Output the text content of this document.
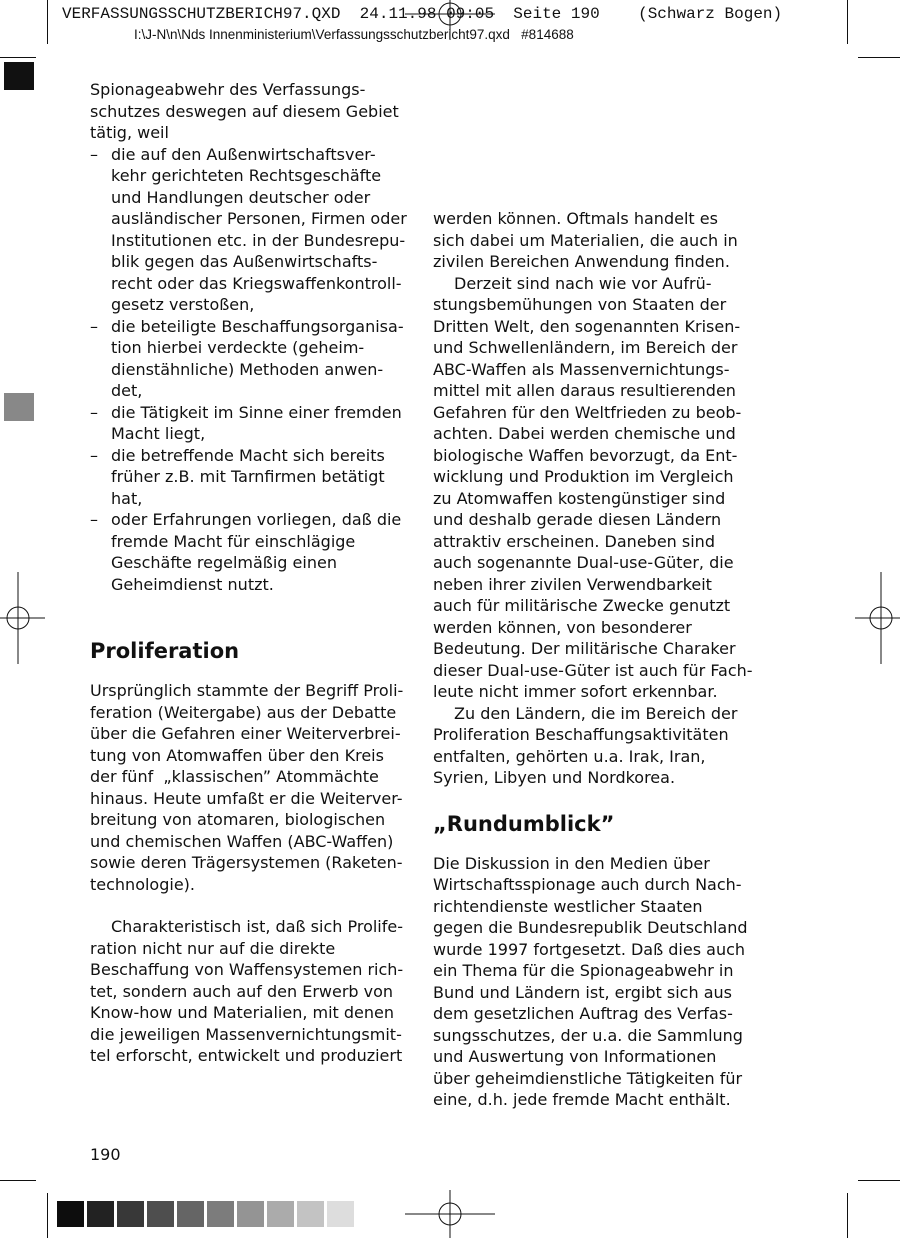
VERFASSUNGSSCHUTZBERICH97.QXD  24.11.98 09:05  Seite 190    (Schwarz Bogen)
I:\J-N\n\Nds Innenministerium\Verfassungsschutzbericht97.qxd   #814688

Spionageabwehr des Verfassungs-
schutzes deswegen auf diesem Gebiet
tätig, weil

– die auf den Außenwirtschaftsver-
kehr gerichteten Rechtsgeschäfte
und Handlungen deutscher oder
ausländischer Personen, Firmen oder
Institutionen etc. in der Bundesrepu-
blik gegen das Außenwirtschafts-
recht oder das Kriegswaffenkontroll-
gesetz verstoßen,
– die beteiligte Beschaffungsorganisa-
tion hierbei verdeckte (geheim-
dienstähnliche) Methoden anwen-
det,
– die Tätigkeit im Sinne einer fremden
Macht liegt,
– die betreffende Macht sich bereits
früher z.B. mit Tarnfirmen betätigt
hat,
– oder Erfahrungen vorliegen, daß die
fremde Macht für einschlägige
Geschäfte regelmäßig einen
Geheimdienst nutzt.
Proliferation

Ursprünglich stammte der Begriff Proli-
feration (Weitergabe) aus der Debatte
über die Gefahren einer Weiterverbrei-
tung von Atomwaffen über den Kreis
der fünf  „klassischen” Atommächte
hinaus. Heute umfaßt er die Weiterver-
breitung von atomaren, biologischen
und chemischen Waffen (ABC-Waffen)
sowie deren Trägersystemen (Raketen-
technologie).

Charakteristisch ist, daß sich Prolife-
ration nicht nur auf die direkte
Beschaffung von Waffensystemen rich-
tet, sondern auch auf den Erwerb von
Know-how und Materialien, mit denen
die jeweiligen Massenvernichtungsmit-
tel erforscht, entwickelt und produziert

werden können. Oftmals handelt es
sich dabei um Materialien, die auch in
zivilen Bereichen Anwendung finden.

Derzeit sind nach wie vor Aufrü-
stungsbemühungen von Staaten der
Dritten Welt, den sogenannten Krisen-
und Schwellenländern, im Bereich der
ABC-Waffen als Massenvernichtungs-
mittel mit allen daraus resultierenden
Gefahren für den Weltfrieden zu beob-
achten. Dabei werden chemische und
biologische Waffen bevorzugt, da Ent-
wicklung und Produktion im Vergleich
zu Atomwaffen kostengünstiger sind
und deshalb gerade diesen Ländern
attraktiv erscheinen. Daneben sind
auch sogenannte Dual-use-Güter, die
neben ihrer zivilen Verwendbarkeit
auch für militärische Zwecke genutzt
werden können, von besonderer
Bedeutung. Der militärische Charaker
dieser Dual-use-Güter ist auch für Fach-
leute nicht immer sofort erkennbar.

Zu den Ländern, die im Bereich der
Proliferation Beschaffungsaktivitäten
entfalten, gehörten u.a. Irak, Iran,
Syrien, Libyen und Nordkorea.

„Rundumblick”

Die Diskussion in den Medien über
Wirtschaftsspionage auch durch Nach-
richtendienste westlicher Staaten
gegen die Bundesrepublik Deutschland
wurde 1997 fortgesetzt. Daß dies auch
ein Thema für die Spionageabwehr in
Bund und Ländern ist, ergibt sich aus
dem gesetzlichen Auftrag des Verfas-
sungsschutzes, der u.a. die Sammlung
und Auswertung von Informationen
über geheimdienstliche Tätigkeiten für
eine, d.h. jede fremde Macht enthält.

190
